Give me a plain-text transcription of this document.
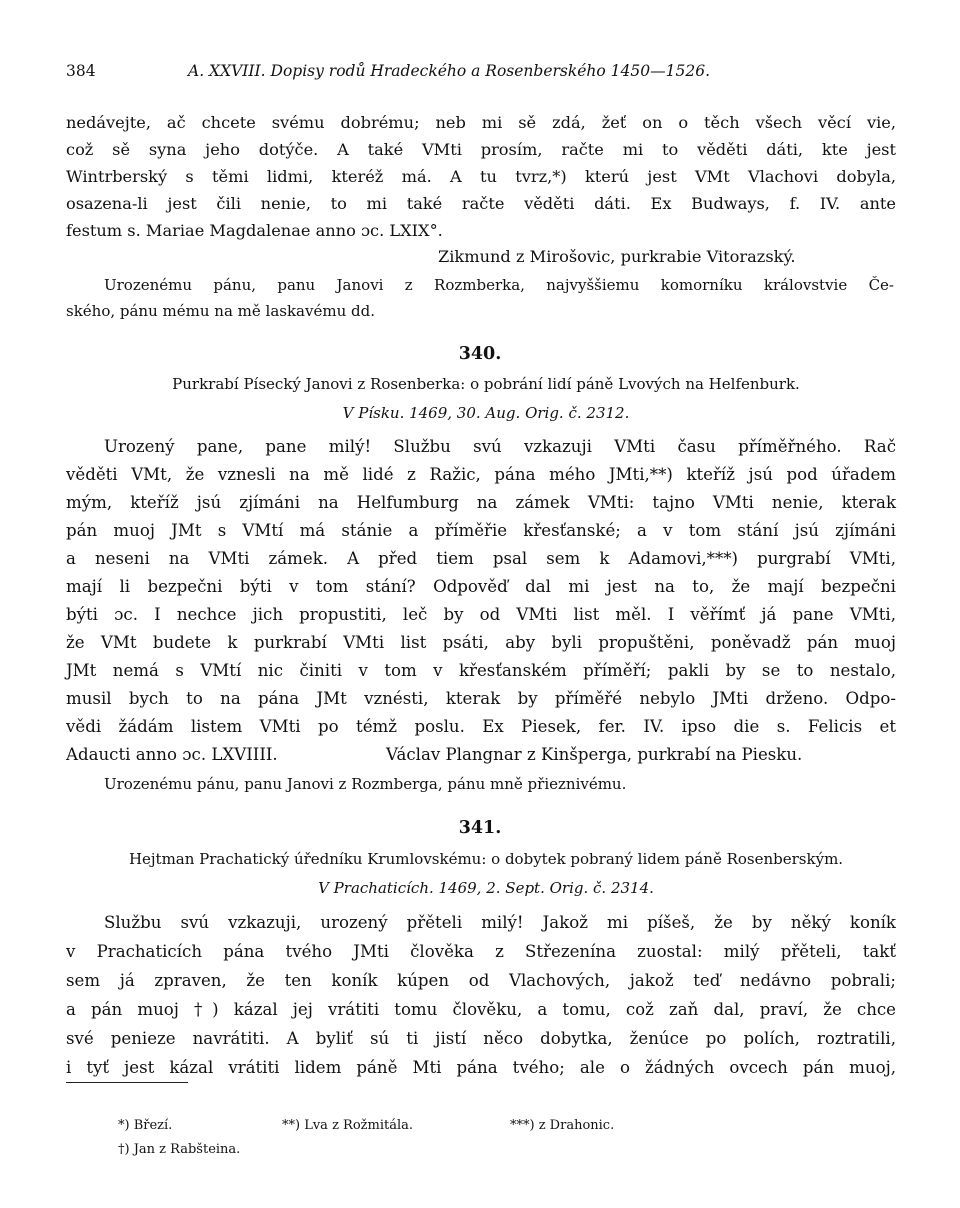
384	A. XXVIII. Dopisy rodů Hradeckého a Rosenberského 1450—1526.
nedávejte, ač chcete svému dobrému; neb mi sě zdá, žeť on o těch všech věcí vie,
což sě syna jeho dotýče. A také VMti prosím, račte mi to věděti dáti, kte jest
Wintrberský s těmi lidmi, kteréž má. A tu tvrz,*) kterú jest VMt Vlachovi dobyla,
osazena-li jest čili nenie, to mi také račte věděti dáti. Ex Budways, f. IV. ante
festum s. Mariae Magdalenae anno ɔc. LXIX°.
Zikmund z Mirošovic, purkrabie Vitorazský.
Urozenému pánu, panu Janovi z Rozmberka, najvyššiemu komorníku královstvie Če-
ského, pánu mému na mě laskavému dd.
340.
Purkrabí Písecký Janovi z Rosenberka: o pobrání lidí páně Lvových na Helfenburk.
V Písku. 1469, 30. Aug. Orig. č. 2312.
Urozený pane, pane milý! Službu svú vzkazuji VMti času příměřného. Rač
věděti VMt, že vznesli na mě lidé z Ražic, pána mého JMti,**) kteříž jsú pod úřadem
mým, kteříž jsú zjímáni na Helfumburg na zámek VMti: tajno VMti nenie, kterak
pán muoj JMt s VMtí má stánie a příměřie křesťanské; a v tom stání jsú zjímáni
a neseni na VMti zámek. A před tiem psal sem k Adamovi,***) purgrabí VMti,
mají li bezpečni býti v tom stání? Odpověď dal mi jest na to, že mají bezpečni
býti ɔc. I nechce jich propustiti, leč by od VMti list měl. I věřímť já pane VMti,
že VMt budete k purkrabí VMti list psáti, aby byli propuštěni, poněvadž pán muoj
JMt nemá s VMtí nic činiti v tom v křesťanském příměří; pakli by se to nestalo,
musil bych to na pána JMt vznésti, kterak by příměřé nebylo JMti drženo. Odpo-
vědi žádám listem VMti po témž poslu. Ex Piesek, fer. IV. ipso die s. Felicis et
Adaucti anno ɔc. LXVIIII.	Václav Plangnar z Kinšperga, purkrabí na Piesku.
Urozenému pánu, panu Janovi z Rozmberga, pánu mně přieznivému.
341.
Hejtman Prachatický úředníku Krumlovskému: o dobytek pobraný lidem páně Rosenberským.
V Prachaticích. 1469, 2. Sept. Orig. č. 2314.
Službu svú vzkazuji, urozený přěteli milý! Jakož mi píšeš, že by něký koník
v Prachaticích pána tvého JMti člověka z Střezenína zuostal: milý přěteli, takť
sem já zpraven, že ten koník kúpen od Vlachových, jakož teď nedávno pobrali;
a pán muoj †) kázal jej vrátiti tomu člověku, a tomu, což zaň dal, praví, že chce
své penieze navrátiti. A byliť sú ti jistí něco dobytka, ženúce po polích, roztratili,
i tyť jest kázal vrátiti lidem páně Mti pána tvého; ale o žádných ovcech pán muoj,
*) Březí.	**) Lva z Rožmitála.	***) z Drahonic.
†) Jan z Rabšteina.
